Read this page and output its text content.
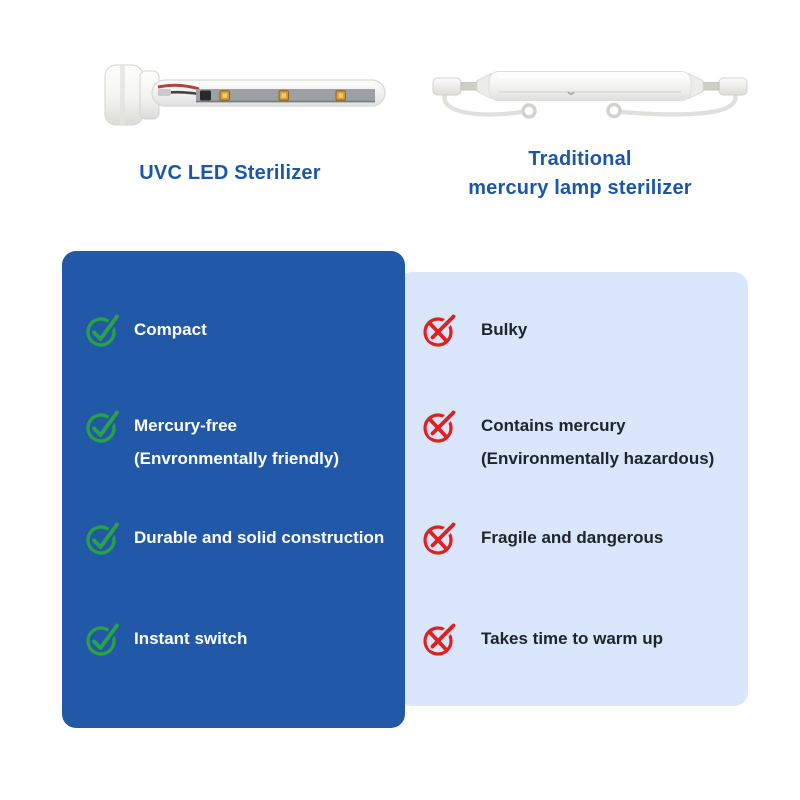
UVC LED Sterilizer
Traditional
mercury lamp sterilizer
Compact
Mercury-free
(Envronmentally friendly)
Durable and solid construction
Instant switch
Bulky
Contains mercury
(Environmentally hazardous)
Fragile and dangerous
Takes time to warm up
